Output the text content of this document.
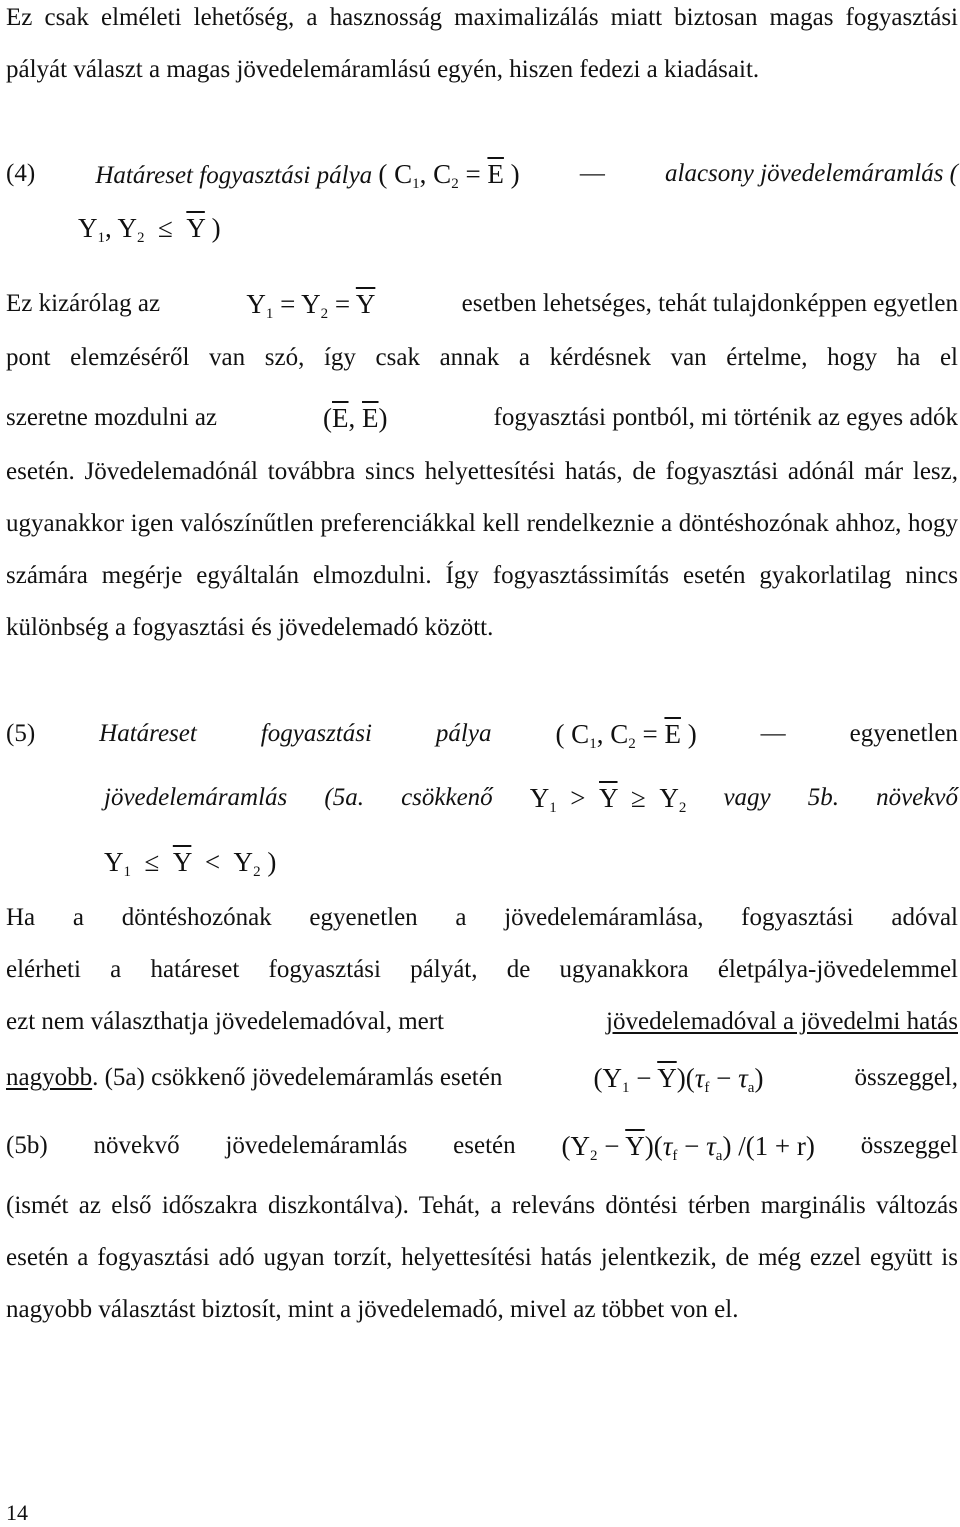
Ez csak elméleti lehetőség, a hasznosság maximalizálás miatt biztosan magas fogyasztási pályát választ a magas jövedelemáramlású egyén, hiszen fedezi a kiadásait.

(4) Határeset fogyasztási pálya ( $C_1$, $C_2 = \overline{E}$ ) — alacsony jövedelemáramlás (
$Y_1$, $Y_2 \le \overline{Y}$ )
Ez kizárólag az	$Y_1 = Y_2 = \overline{Y}$	esetben lehetséges, tehát tulajdonképpen egyetlen
pont elemzéséről van szó, így csak annak a kérdésnek van értelme, hogy ha el
szeretne mozdulni az	($\overline{E}$, $\overline{E}$)	fogyasztási pontból, mi történik az egyes adók

esetén. Jövedelemadónál továbbra sincs helyettesítési hatás, de fogyasztási adónál már lesz, ugyanakkor igen valószínűtlen preferenciákkal kell rendelkeznie a döntéshozónak ahhoz, hogy számára megérje egyáltalán elmozdulni. Így fogyasztássimítás esetén gyakorlatilag nincs különbség a fogyasztási és jövedelemadó között.

(5)	Határeset	fogyasztási	pálya ( $C_1$, $C_2 = \overline{E}$ )	—	egyenetlen
jövedelemáramlás (5a. csökkenő $Y_1 > \overline{Y} \ge Y_2$ vagy 5b. növekvő
$Y_1 \le \overline{Y} < Y_2$ )
Ha a döntéshozónak egyenetlen a jövedelemáramlása, fogyasztási adóval
elérheti a határeset fogyasztási pályát, de ugyanakkora életpálya-jövedelemmel
ezt nem választhatja jövedelemadóval, mert	jövedelemadóval a jövedelmi hatás
nagyobb. (5a) csökkenő jövedelemáramlás esetén	$(Y_1 - \overline{Y})(\tau_f - \tau_a)$	összeggel,
(5b) növekvő jövedelemáramlás esetén $(Y_2 - \overline{Y})(\tau_f - \tau_a) /(1 + r)$ összeggel

(ismét az első időszakra diszkontálva). Tehát, a releváns döntési térben marginális változás esetén a fogyasztási adó ugyan torzít, helyettesítési hatás jelentkezik, de még ezzel együtt is nagyobb választást biztosít, mint a jövedelemadó, mivel az többet von el.

14
